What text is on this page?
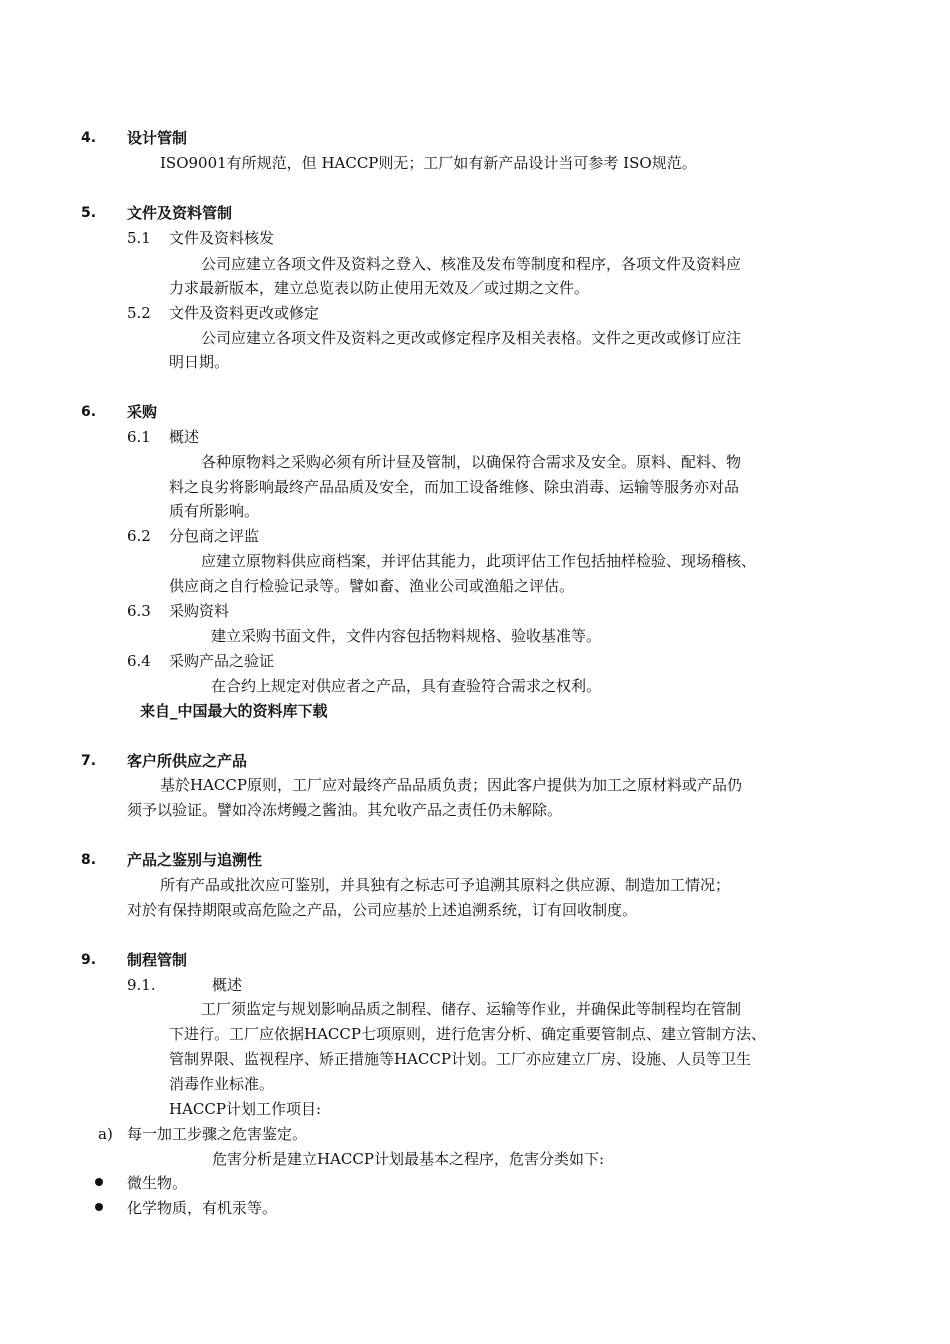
4. 设计管制
ISO9001有所规范，但 HACCP则无；工厂如有新产品设计当可参考 ISO规范。
5. 文件及资料管制
5.1 文件及资料核发
公司应建立各项文件及资料之登入、核准及发布等制度和程序，各项文件及资料应
力求最新版本，建立总览表以防止使用无效及／或过期之文件。
5.2 文件及资料更改或修定
公司应建立各项文件及资料之更改或修定程序及相关表格。文件之更改或修订应注
明日期。
6. 采购
6.1 概述
各种原物料之采购必须有所计昼及管制，以确保符合需求及安全。原料、配料、物
料之良劣将影响最终产品品质及安全，而加工设备维修、除虫消毒、运输等服务亦对品
质有所影响。
6.2 分包商之评监
应建立原物料供应商档案，并评估其能力，此项评估工作包括抽样检验、现场稽核、
供应商之自行检验记录等。譬如畜、渔业公司或渔船之评估。
6.3 采购资料
建立采购书面文件，文件内容包括物料规格、验收基准等。
6.4 采购产品之验证
在合约上规定对供应者之产品，具有查验符合需求之权利。
来自_中国最大的资料库下载
7. 客户所供应之产品
基於HACCP原则，工厂应对最终产品品质负责；因此客户提供为加工之原材料或产品仍
须予以验证。譬如冷冻烤鳗之酱油。其允收产品之责任仍未解除。
8. 产品之鉴别与追溯性
所有产品或批次应可鉴别，并具独有之标志可予追溯其原料之供应源、制造加工情况；
对於有保持期限或高危险之产品，公司应基於上述追溯系统，订有回收制度。
9. 制程管制
9.1.	概述
工厂须监定与规划影响品质之制程、储存、运输等作业，并确保此等制程均在管制
下进行。工厂应依据HACCP七项原则，进行危害分析、确定重要管制点、建立管制方法、
管制界限、监视程序、矫正措施等HACCP计划。工厂亦应建立厂房、设施、人员等卫生
消毒作业标准。
HACCP计划工作项目:
a) 每一加工步骤之危害鉴定。
危害分析是建立HACCP计划最基本之程序，危害分类如下:
微生物。
化学物质，有机汞等。
